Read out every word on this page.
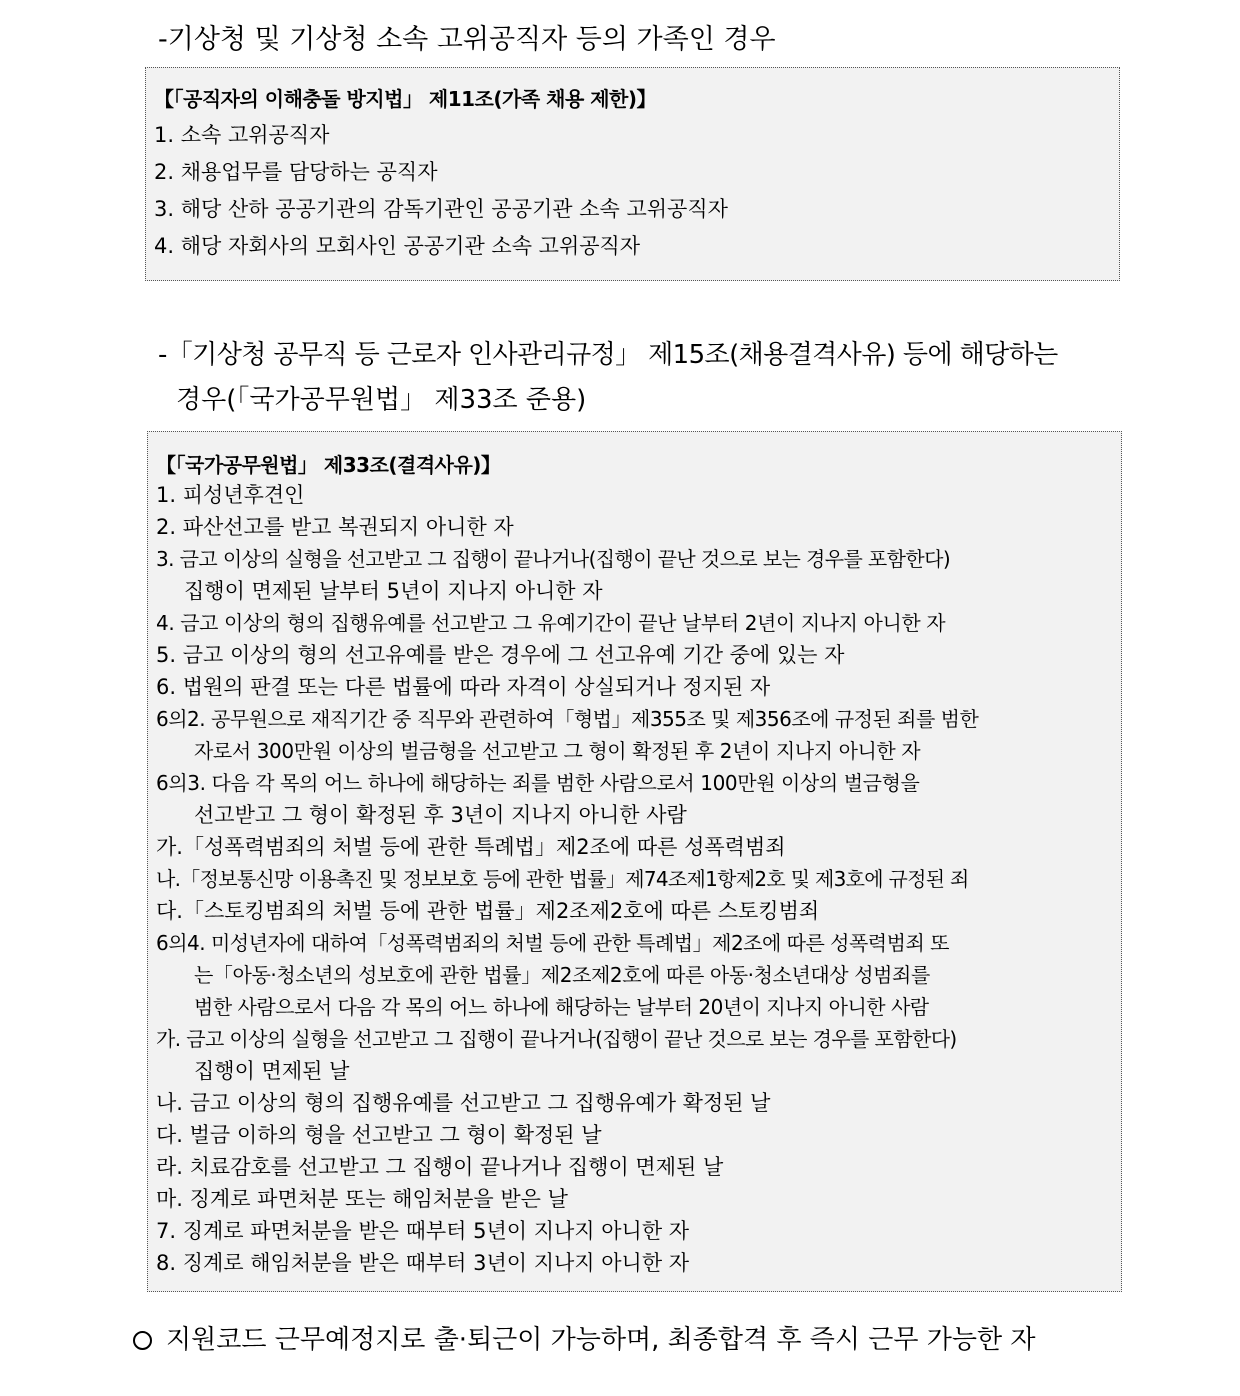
-기상청 및 기상청 소속 고위공직자 등의 가족인 경우
【「공직자의 이해충돌 방지법」 제11조(가족 채용 제한)】
1. 소속 고위공직자
2. 채용업무를 담당하는 공직자
3. 해당 산하 공공기관의 감독기관인 공공기관 소속 고위공직자
4. 해당 자회사의 모회사인 공공기관 소속 고위공직자
-「기상청 공무직 등 근로자 인사관리규정」 제15조(채용결격사유) 등에 해당하는
경우(「국가공무원법」 제33조 준용)
【「국가공무원법」 제33조(결격사유)】
1. 피성년후견인
2. 파산선고를 받고 복권되지 아니한 자
3. 금고 이상의 실형을 선고받고 그 집행이 끝나거나(집행이 끝난 것으로 보는 경우를 포함한다)
집행이 면제된 날부터 5년이 지나지 아니한 자
4. 금고 이상의 형의 집행유예를 선고받고 그 유예기간이 끝난 날부터 2년이 지나지 아니한 자
5. 금고 이상의 형의 선고유예를 받은 경우에 그 선고유예 기간 중에 있는 자
6. 법원의 판결 또는 다른 법률에 따라 자격이 상실되거나 정지된 자
6의2. 공무원으로 재직기간 중 직무와 관련하여「형법」제355조 및 제356조에 규정된 죄를 범한
자로서 300만원 이상의 벌금형을 선고받고 그 형이 확정된 후 2년이 지나지 아니한 자
6의3. 다음 각 목의 어느 하나에 해당하는 죄를 범한 사람으로서 100만원 이상의 벌금형을
선고받고 그 형이 확정된 후 3년이 지나지 아니한 사람
가.「성폭력범죄의 처벌 등에 관한 특례법」제2조에 따른 성폭력범죄
나.「정보통신망 이용촉진 및 정보보호 등에 관한 법률」제74조제1항제2호 및 제3호에 규정된 죄
다.「스토킹범죄의 처벌 등에 관한 법률」제2조제2호에 따른 스토킹범죄
6의4. 미성년자에 대하여「성폭력범죄의 처벌 등에 관한 특례법」제2조에 따른 성폭력범죄 또
는「아동·청소년의 성보호에 관한 법률」제2조제2호에 따른 아동·청소년대상 성범죄를
범한 사람으로서 다음 각 목의 어느 하나에 해당하는 날부터 20년이 지나지 아니한 사람
가. 금고 이상의 실형을 선고받고 그 집행이 끝나거나(집행이 끝난 것으로 보는 경우를 포함한다)
집행이 면제된 날
나. 금고 이상의 형의 집행유예를 선고받고 그 집행유예가 확정된 날
다. 벌금 이하의 형을 선고받고 그 형이 확정된 날
라. 치료감호를 선고받고 그 집행이 끝나거나 집행이 면제된 날
마. 징계로 파면처분 또는 해임처분을 받은 날
7. 징계로 파면처분을 받은 때부터 5년이 지나지 아니한 자
8. 징계로 해임처분을 받은 때부터 3년이 지나지 아니한 자
지원코드 근무예정지로 출·퇴근이 가능하며, 최종합격 후 즉시 근무 가능한 자
